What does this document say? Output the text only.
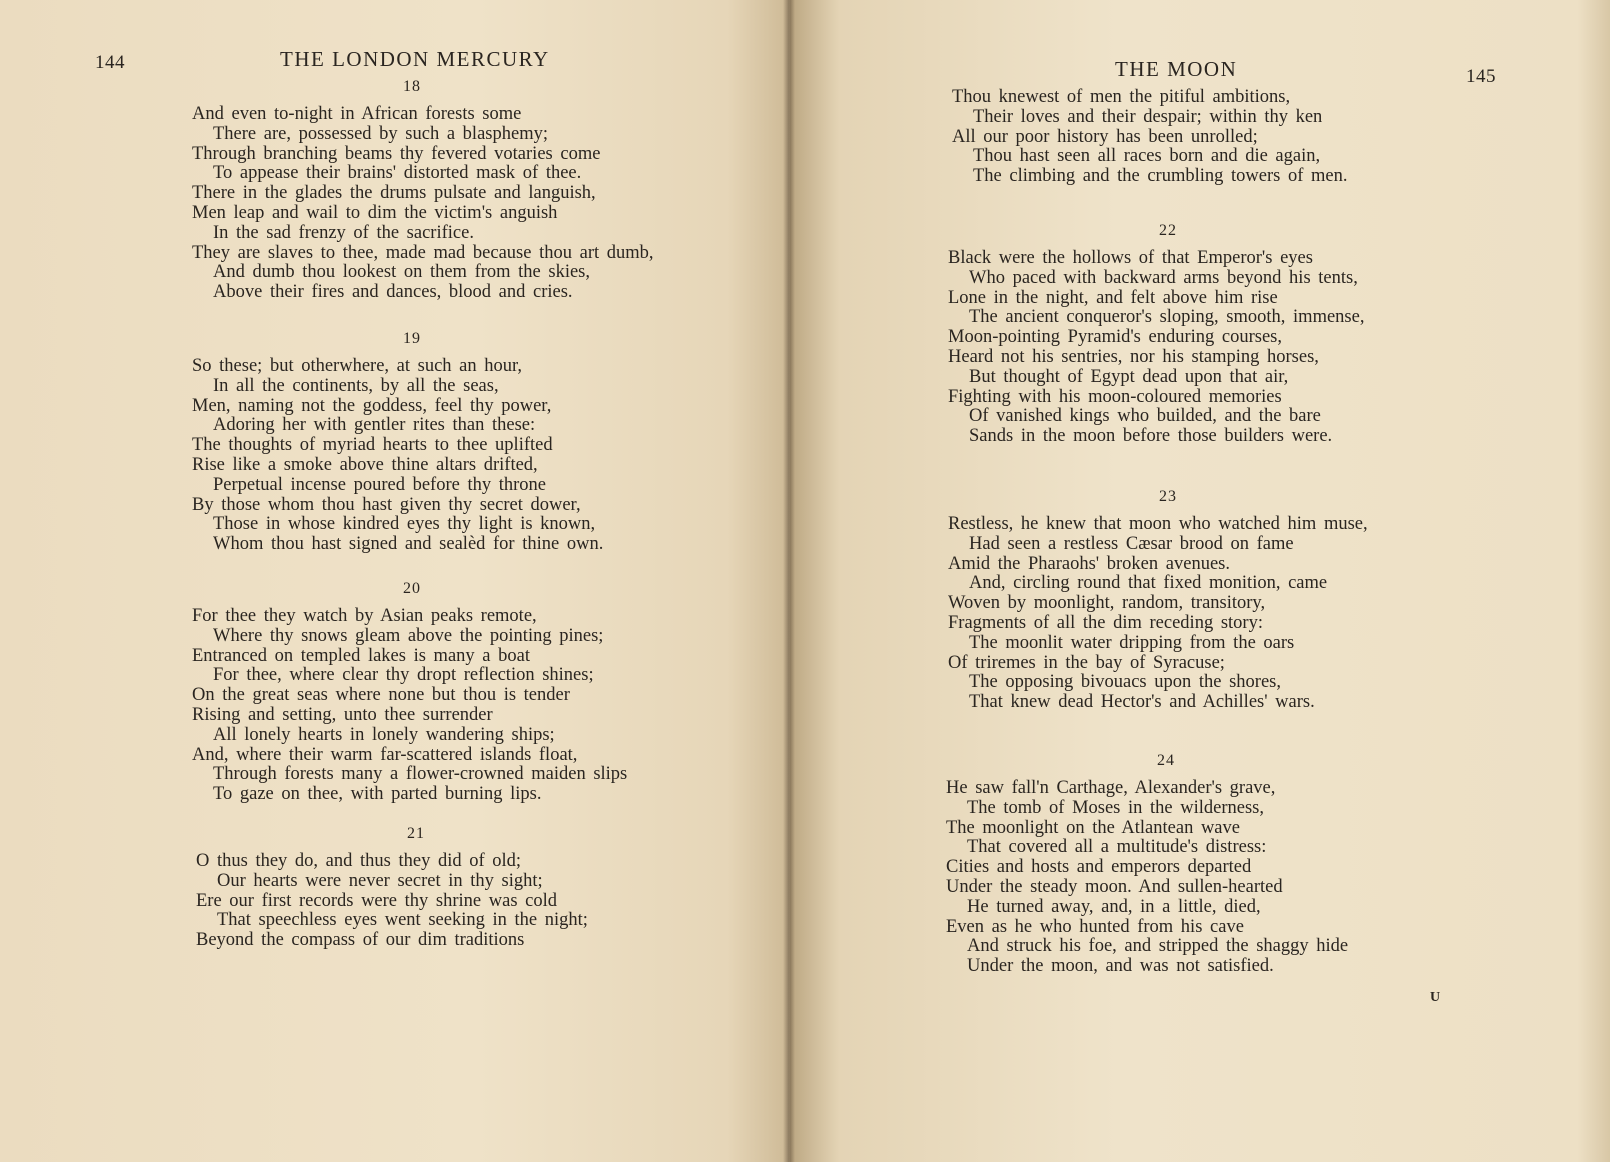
144	THE LONDON MERCURY
18
And even to-night in African forests some
There are, possessed by such a blasphemy;
Through branching beams thy fevered votaries come
To appease their brains' distorted mask of thee.
There in the glades the drums pulsate and languish,
Men leap and wail to dim the victim's anguish
In the sad frenzy of the sacrifice.
They are slaves to thee, made mad because thou art dumb,
And dumb thou lookest on them from the skies,
Above their fires and dances, blood and cries.
19
So these; but otherwhere, at such an hour,
In all the continents, by all the seas,
Men, naming not the goddess, feel thy power,
Adoring her with gentler rites than these:
The thoughts of myriad hearts to thee uplifted
Rise like a smoke above thine altars drifted,
Perpetual incense poured before thy throne
By those whom thou hast given thy secret dower,
Those in whose kindred eyes thy light is known,
Whom thou hast signed and sealèd for thine own.
20
For thee they watch by Asian peaks remote,
Where thy snows gleam above the pointing pines;
Entranced on templed lakes is many a boat
For thee, where clear thy dropt reflection shines;
On the great seas where none but thou is tender
Rising and setting, unto thee surrender
All lonely hearts in lonely wandering ships;
And, where their warm far-scattered islands float,
Through forests many a flower-crowned maiden slips
To gaze on thee, with parted burning lips.
21
O thus they do, and thus they did of old;
Our hearts were never secret in thy sight;
Ere our first records were thy shrine was cold
That speechless eyes went seeking in the night;
Beyond the compass of our dim traditions
THE MOON	145
Thou knewest of men the pitiful ambitions,
Their loves and their despair; within thy ken
All our poor history has been unrolled;
Thou hast seen all races born and die again,
The climbing and the crumbling towers of men.
22
Black were the hollows of that Emperor's eyes
Who paced with backward arms beyond his tents,
Lone in the night, and felt above him rise
The ancient conqueror's sloping, smooth, immense,
Moon-pointing Pyramid's enduring courses,
Heard not his sentries, nor his stamping horses,
But thought of Egypt dead upon that air,
Fighting with his moon-coloured memories
Of vanished kings who builded, and the bare
Sands in the moon before those builders were.
23
Restless, he knew that moon who watched him muse,
Had seen a restless Cæsar brood on fame
Amid the Pharaohs' broken avenues.
And, circling round that fixed monition, came
Woven by moonlight, random, transitory,
Fragments of all the dim receding story:
The moonlit water dripping from the oars
Of triremes in the bay of Syracuse;
The opposing bivouacs upon the shores,
That knew dead Hector's and Achilles' wars.
24
He saw fall'n Carthage, Alexander's grave,
The tomb of Moses in the wilderness,
The moonlight on the Atlantean wave
That covered all a multitude's distress:
Cities and hosts and emperors departed
Under the steady moon. And sullen-hearted
He turned away, and, in a little, died,
Even as he who hunted from his cave
And struck his foe, and stripped the shaggy hide
Under the moon, and was not satisfied.
U
